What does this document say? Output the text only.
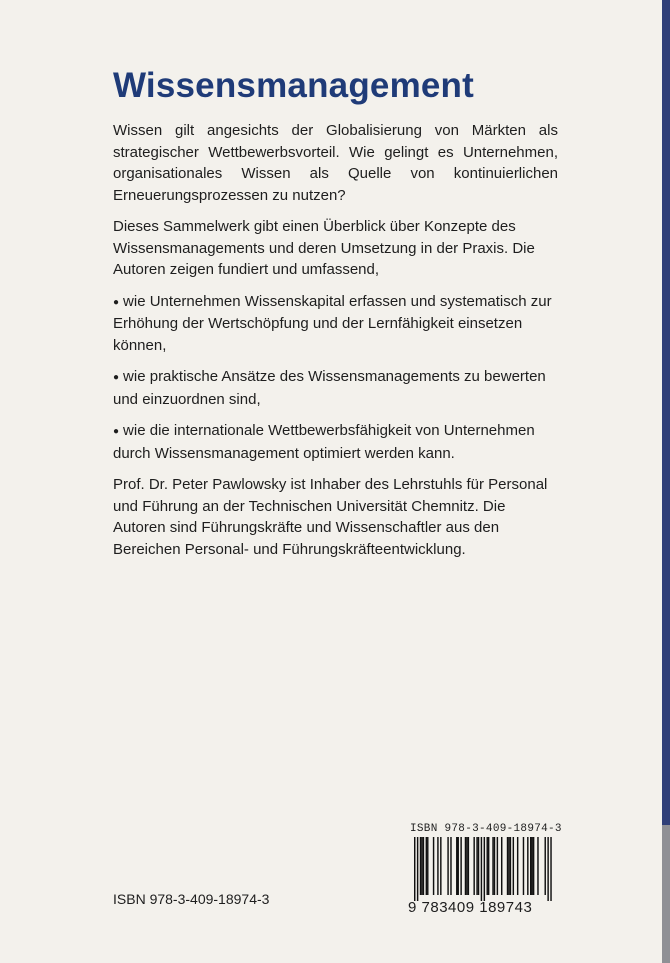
Wissensmanagement

Wissen gilt angesichts der Globalisierung von Märkten als strategischer Wettbewerbsvorteil. Wie gelingt es Unternehmen, organisationales Wissen als Quelle von kontinuierlichen Erneuerungsprozessen zu nutzen?

Dieses Sammelwerk gibt einen Überblick über Konzepte des Wissensmanagements und deren Umsetzung in der Praxis. Die Autoren zeigen fundiert und umfassend,

● wie Unternehmen Wissenskapital erfassen und systematisch zur Erhöhung der Wertschöpfung und der Lernfähigkeit einsetzen können,
● wie praktische Ansätze des Wissensmanagements zu bewerten und einzuordnen sind,
● wie die internationale Wettbewerbsfähigkeit von Unternehmen durch Wissensmanagement optimiert werden kann.

Prof. Dr. Peter Pawlowsky ist Inhaber des Lehrstuhls für Personal und Führung an der Technischen Universität Chemnitz. Die Autoren sind Führungskräfte und Wissenschaftler aus den Bereichen Personal- und Führungskräfteentwicklung.

ISBN 978-3-409-18974-3
ISBN 978-3-409-18974-3
9 783409 189743
